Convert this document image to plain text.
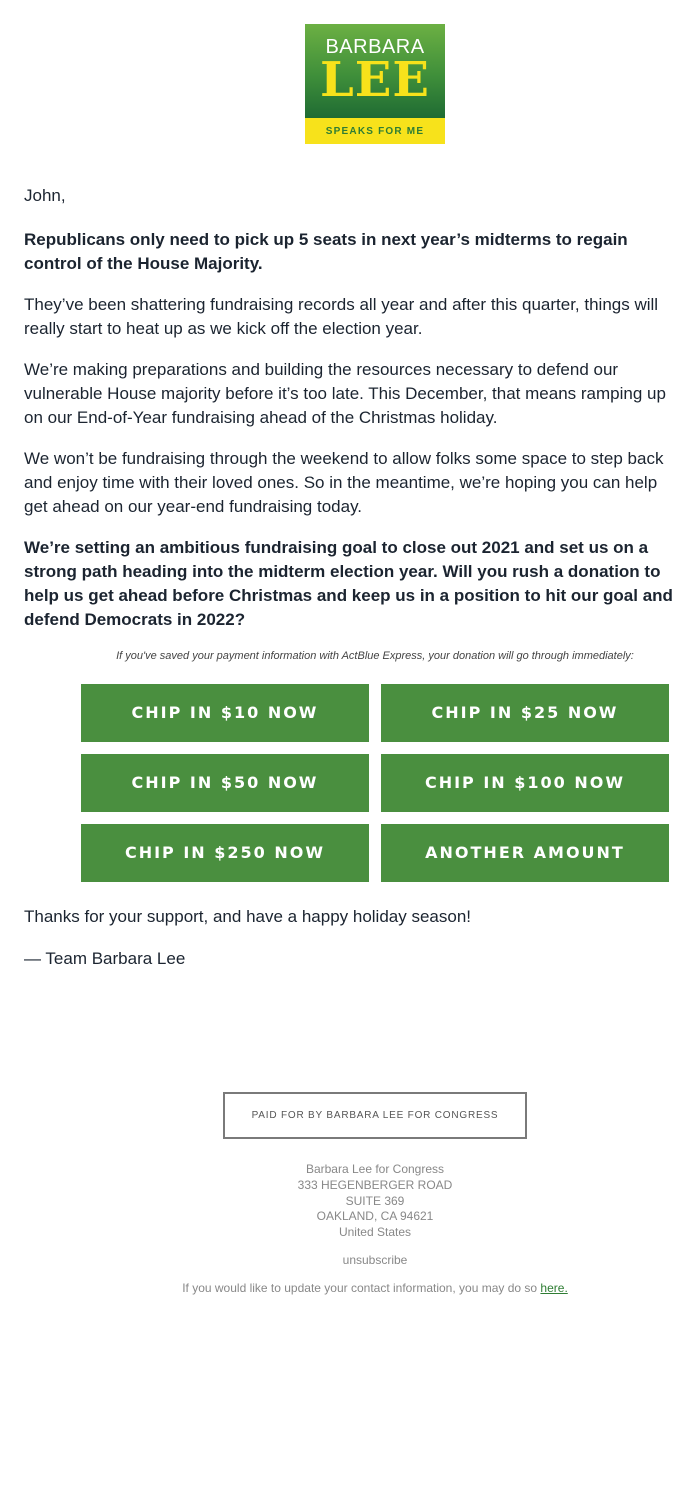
BARBARA
LEE
SPEAKS FOR ME

John,

Republicans only need to pick up 5 seats in next year’s midterms to regain
control of the House Majority.

They’ve been shattering fundraising records all year and after this quarter, things will
really start to heat up as we kick off the election year.

We’re making preparations and building the resources necessary to defend our
vulnerable House majority before it’s too late. This December, that means ramping up
on our End-of-Year fundraising ahead of the Christmas holiday.

We won’t be fundraising through the weekend to allow folks some space to step back
and enjoy time with their loved ones. So in the meantime, we’re hoping you can help
get ahead on our year-end fundraising today.

We’re setting an ambitious fundraising goal to close out 2021 and set us on a
strong path heading into the midterm election year. Will you rush a donation to
help us get ahead before Christmas and keep us in a position to hit our goal and
defend Democrats in 2022?

If you've saved your payment information with ActBlue Express, your donation will go through immediately:
CHIP IN $10 NOW	CHIP IN $25 NOW
CHIP IN $50 NOW	CHIP IN $100 NOW
CHIP IN $250 NOW	ANOTHER AMOUNT
Thanks for your support, and have a happy holiday season!
— Team Barbara Lee
PAID FOR BY BARBARA LEE FOR CONGRESS
Barbara Lee for Congress
333 HEGENBERGER ROAD
SUITE 369
OAKLAND, CA 94621
United States
unsubscribe
If you would like to update your contact information, you may do so here.
